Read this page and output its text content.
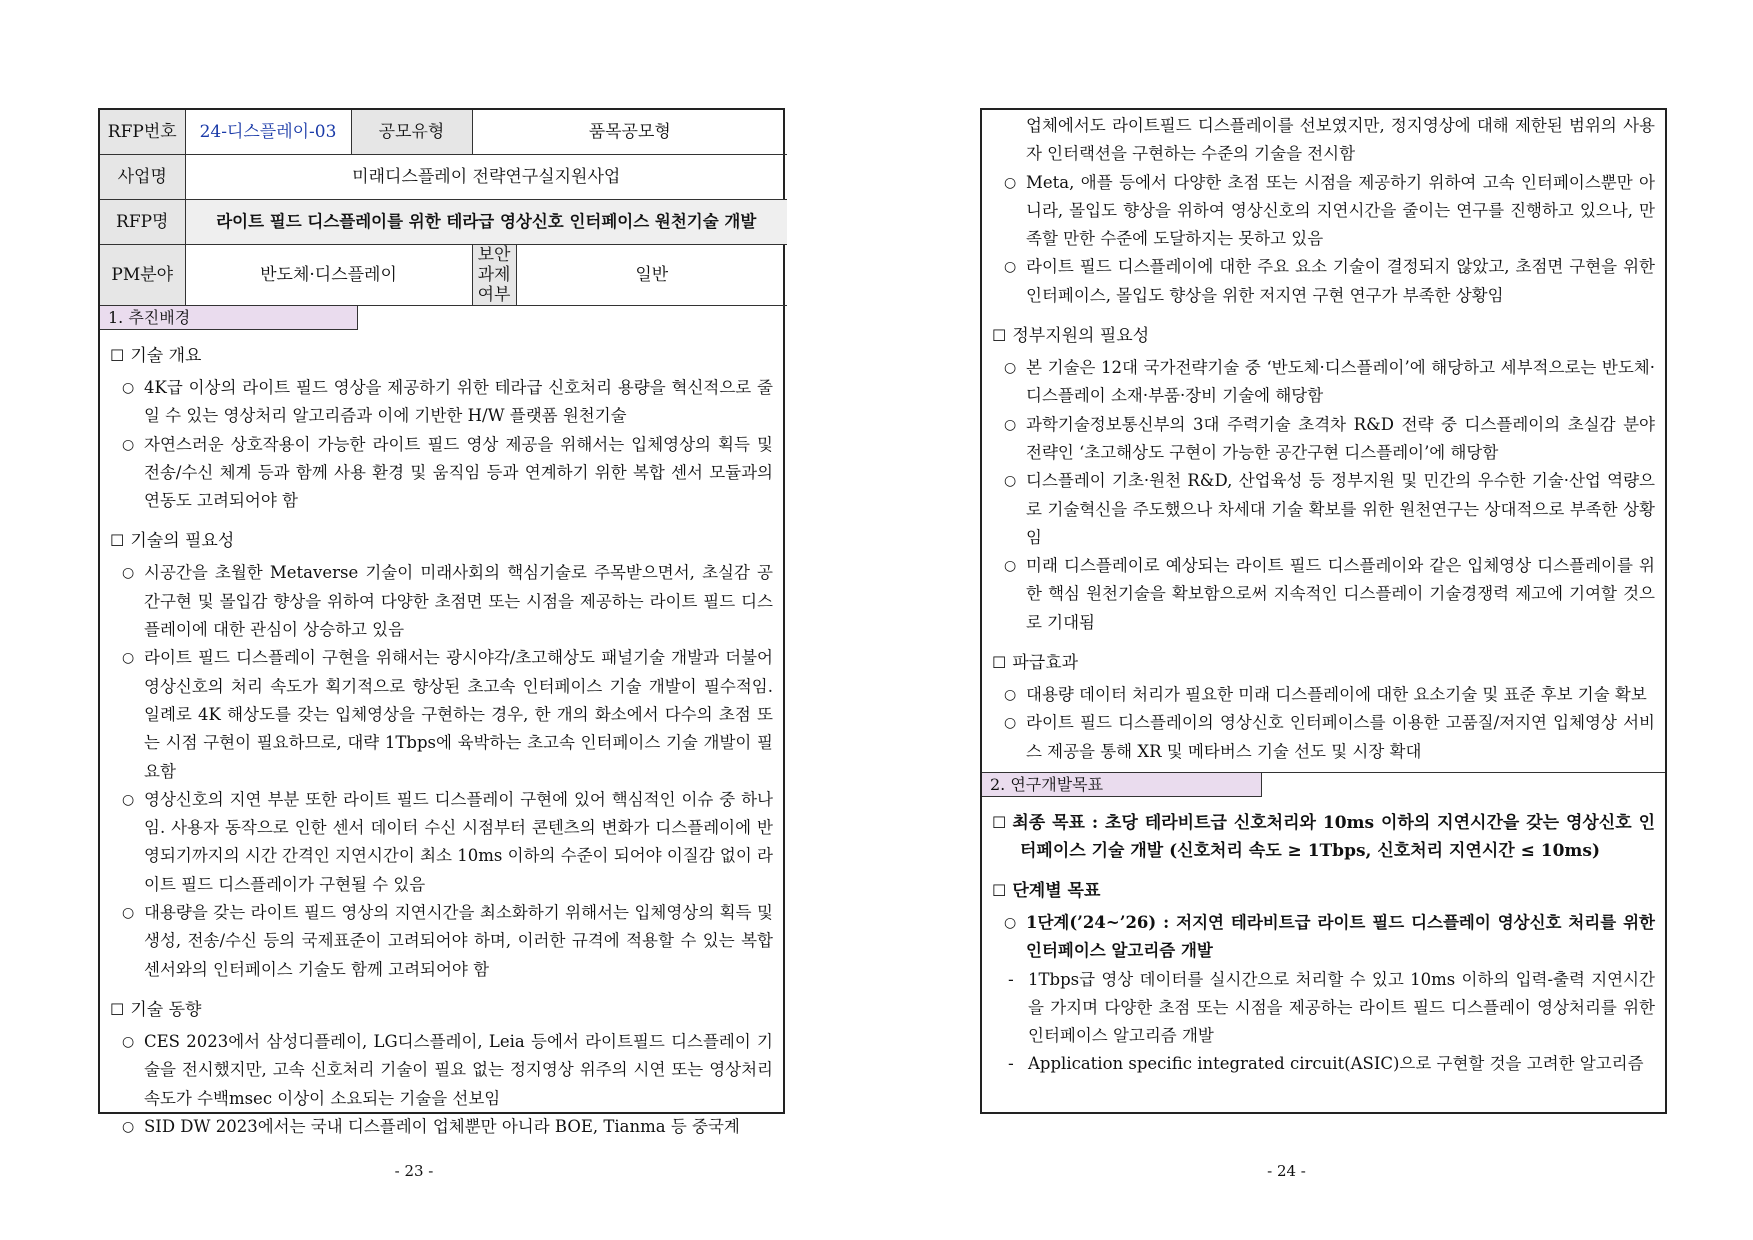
RFP번호	24-디스플레이-03	공모유형	품목공모형	
사업명	미래디스플레이 전략연구실지원사업			
RFP명	라이트 필드 디스플레이를 위한 테라급 영상신호 인터페이스 원천기술 개발			
PM분야	반도체·디스플레이		보안과제 여부	일반
1. 추진배경
☐ 기술 개요
○ 4K급 이상의 라이트 필드 영상을 제공하기 위한 테라급 신호처리 용량을 혁신적으로 줄일 수 있는 영상처리 알고리즘과 이에 기반한 H/W 플랫폼 원천기술
○ 자연스러운 상호작용이 가능한 라이트 필드 영상 제공을 위해서는 입체영상의 획득 및 전송/수신 체계 등과 함께 사용 환경 및 움직임 등과 연계하기 위한 복합 센서 모듈과의 연동도 고려되어야 함
☐ 기술의 필요성
○ 시공간을 초월한 Metaverse 기술이 미래사회의 핵심기술로 주목받으면서, 초실감 공간구현 및 몰입감 향상을 위하여 다양한 초점면 또는 시점을 제공하는 라이트 필드 디스플레이에 대한 관심이 상승하고 있음
○ 라이트 필드 디스플레이 구현을 위해서는 광시야각/초고해상도 패널기술 개발과 더불어 영상신호의 처리 속도가 획기적으로 향상된 초고속 인터페이스 기술 개발이 필수적임. 일례로 4K 해상도를 갖는 입체영상을 구현하는 경우, 한 개의 화소에서 다수의 초점 또는 시점 구현이 필요하므로, 대략 1Tbps에 육박하는 초고속 인터페이스 기술 개발이 필요함
○ 영상신호의 지연 부분 또한 라이트 필드 디스플레이 구현에 있어 핵심적인 이슈 중 하나임. 사용자 동작으로 인한 센서 데이터 수신 시점부터 콘텐츠의 변화가 디스플레이에 반영되기까지의 시간 간격인 지연시간이 최소 10ms 이하의 수준이 되어야 이질감 없이 라이트 필드 디스플레이가 구현될 수 있음
○ 대용량을 갖는 라이트 필드 영상의 지연시간을 최소화하기 위해서는 입체영상의 획득 및 생성, 전송/수신 등의 국제표준이 고려되어야 하며, 이러한 규격에 적용할 수 있는 복합 센서와의 인터페이스 기술도 함께 고려되어야 함
☐ 기술 동향
○ CES 2023에서 삼성디플레이, LG디스플레이, Leia 등에서 라이트필드 디스플레이 기술을 전시했지만, 고속 신호처리 기술이 필요 없는 정지영상 위주의 시연 또는 영상처리 속도가 수백msec 이상이 소요되는 기술을 선보임
○ SID DW 2023에서는 국내 디스플레이 업체뿐만 아니라 BOE, Tianma 등 중국계
- 23 -
업체에서도 라이트필드 디스플레이를 선보였지만, 정지영상에 대해 제한된 범위의 사용자 인터랙션을 구현하는 수준의 기술을 전시함
○ Meta, 애플 등에서 다양한 초점 또는 시점을 제공하기 위하여 고속 인터페이스뿐만 아니라, 몰입도 향상을 위하여 영상신호의 지연시간을 줄이는 연구를 진행하고 있으나, 만족할 만한 수준에 도달하지는 못하고 있음
○ 라이트 필드 디스플레이에 대한 주요 요소 기술이 결정되지 않았고, 초점면 구현을 위한 인터페이스, 몰입도 향상을 위한 저지연 구현 연구가 부족한 상황임
☐ 정부지원의 필요성
○ 본 기술은 12대 국가전략기술 중 ‘반도체·디스플레이’에 해당하고 세부적으로는 반도체·디스플레이 소재·부품·장비 기술에 해당함
○ 과학기술정보통신부의 3대 주력기술 초격차 R&D 전략 중 디스플레이의 초실감 분야 전략인 ‘초고해상도 구현이 가능한 공간구현 디스플레이’에 해당함
○ 디스플레이 기초·원천 R&D, 산업육성 등 정부지원 및 민간의 우수한 기술·산업 역량으로 기술혁신을 주도했으나 차세대 기술 확보를 위한 원천연구는 상대적으로 부족한 상황임
○ 미래 디스플레이로 예상되는 라이트 필드 디스플레이와 같은 입체영상 디스플레이를 위한 핵심 원천기술을 확보함으로써 지속적인 디스플레이 기술경쟁력 제고에 기여할 것으로 기대됨
☐ 파급효과
○ 대용량 데이터 처리가 필요한 미래 디스플레이에 대한 요소기술 및 표준 후보 기술 확보
○ 라이트 필드 디스플레이의 영상신호 인터페이스를 이용한 고품질/저지연 입체영상 서비스 제공을 통해 XR 및 메타버스 기술 선도 및 시장 확대
2. 연구개발목표
☐ 최종 목표 : 초당 테라비트급 신호처리와 10ms 이하의 지연시간을 갖는 영상신호 인터페이스 기술 개발 (신호처리 속도 ≥ 1Tbps, 신호처리 지연시간 ≤ 10ms)
☐ 단계별 목표
○ 1단계(’24~’26) : 저지연 테라비트급 라이트 필드 디스플레이 영상신호 처리를 위한 인터페이스 알고리즘 개발
- 1Tbps급 영상 데이터를 실시간으로 처리할 수 있고 10ms 이하의 입력-출력 지연시간을 가지며 다양한 초점 또는 시점을 제공하는 라이트 필드 디스플레이 영상처리를 위한 인터페이스 알고리즘 개발
- Application specific integrated circuit(ASIC)으로 구현할 것을 고려한 알고리즘
- 24 -
